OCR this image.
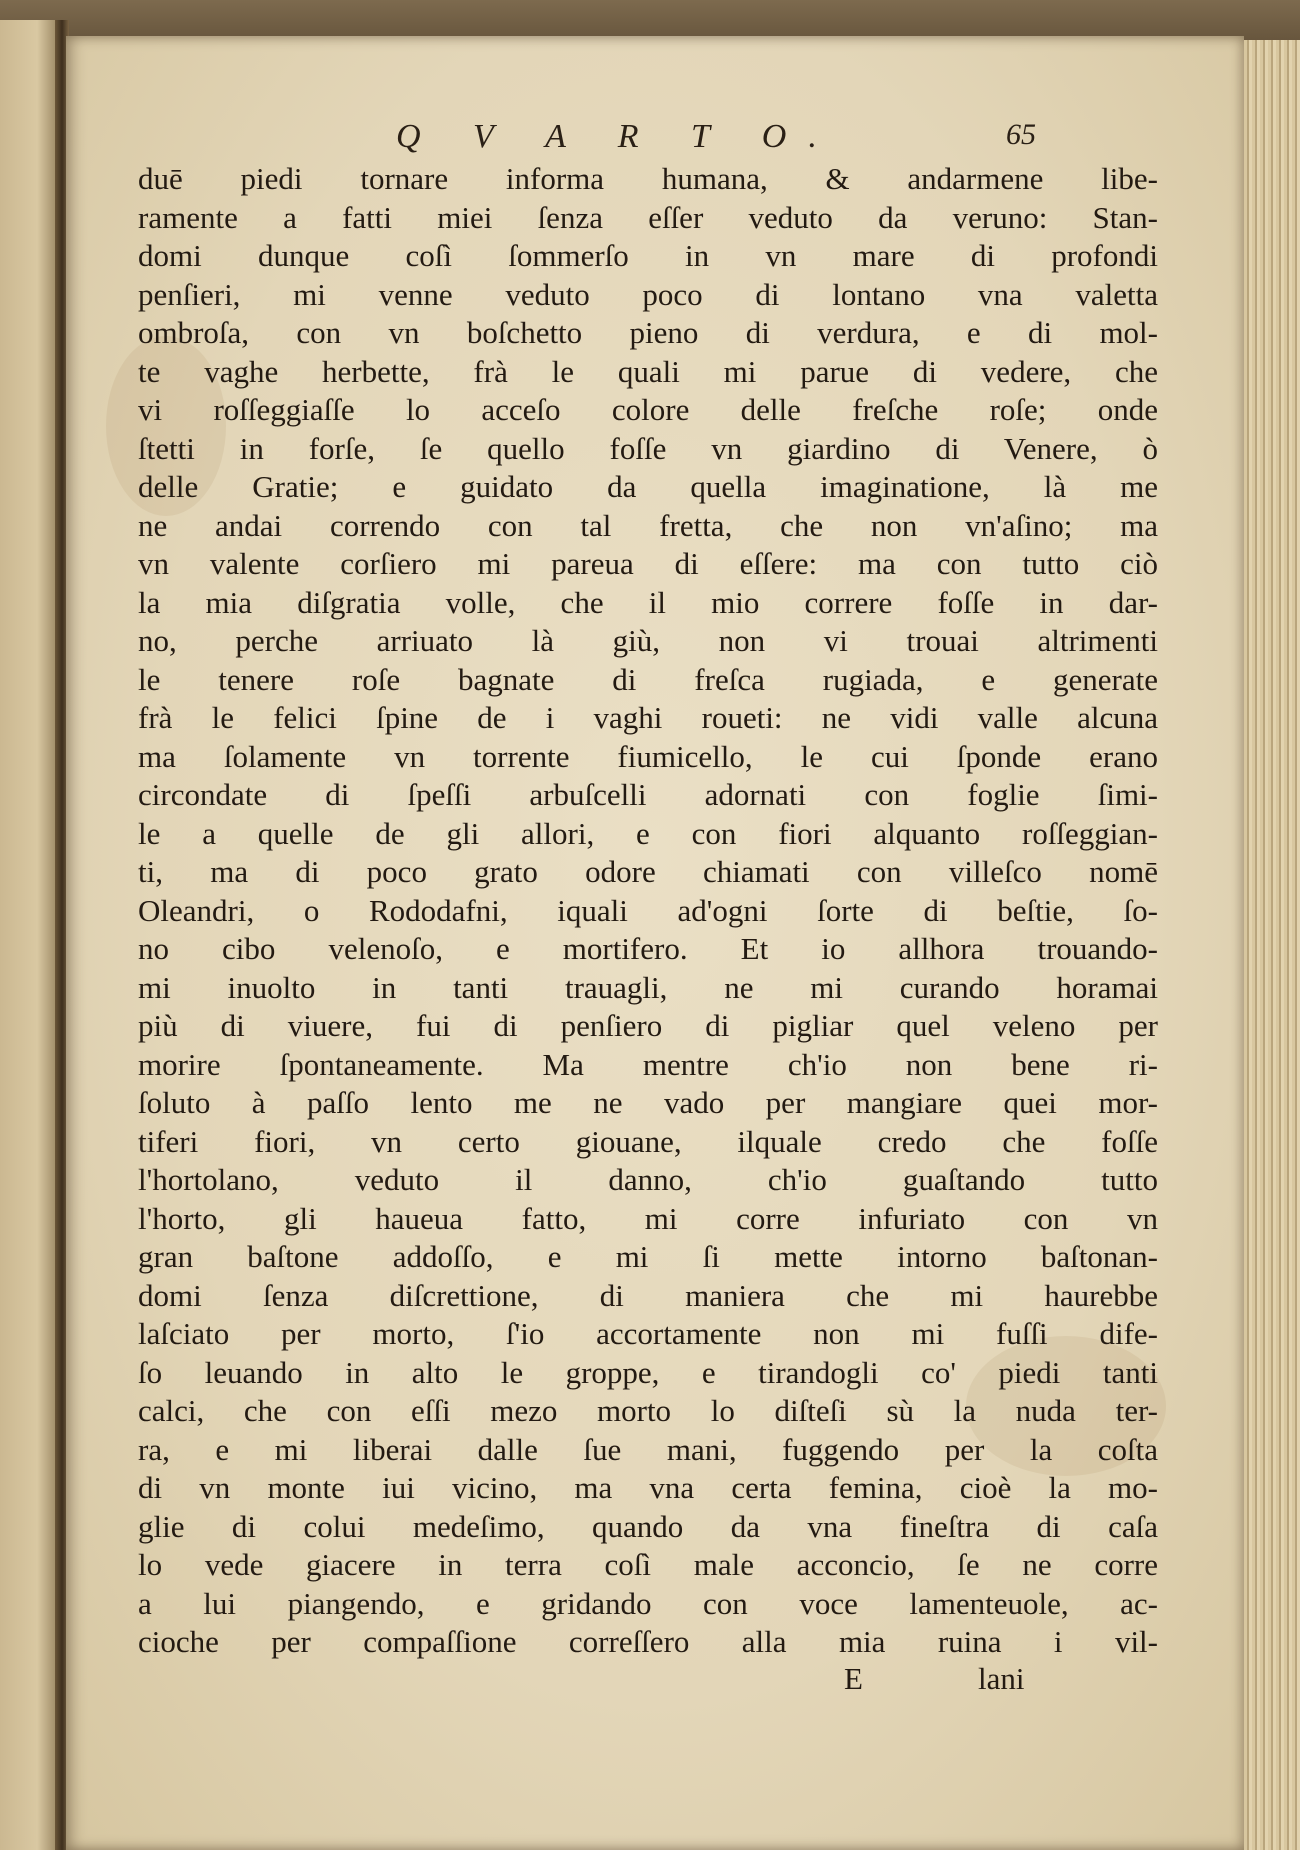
Q V A R T O.	65
duē piedi tornare informa humana, & andarmene libe-
ramente a fatti miei ſenza eſſer veduto da veruno: Stan-
domi dunque coſì ſommerſo in vn mare di profondi
penſieri, mi venne veduto poco di lontano vna valetta
ombroſa, con vn boſchetto pieno di verdura, e di mol-
te vaghe herbette, frà le quali mi parue di vedere, che
vi roſſeggiaſſe lo acceſo colore delle freſche roſe; onde
ſtetti in forſe, ſe quello foſſe vn giardino di Venere, ò
delle Gratie; e guidato da quella imaginatione, là me
ne andai correndo con tal fretta, che non vn'aſino; ma
vn valente corſiero mi pareua di eſſere: ma con tutto ciò
la mia diſgratia volle, che il mio correre foſſe in dar-
no, perche arriuato là giù, non vi trouai altrimenti
le tenere roſe bagnate di freſca rugiada, e generate
frà le felici ſpine de i vaghi roueti: ne vidi valle alcuna
ma ſolamente vn torrente fiumicello, le cui ſponde erano
circondate di ſpeſſi arbuſcelli adornati con foglie ſimi-
le a quelle de gli allori, e con fiori alquanto roſſeggian-
ti, ma di poco grato odore chiamati con villeſco nomē
Oleandri, o Rododafni, iquali ad'ogni ſorte di beſtie, ſo-
no cibo velenoſo, e mortifero. Et io allhora trouando-
mi inuolto in tanti trauagli, ne mi curando horamai
più di viuere, fui di penſiero di pigliar quel veleno per
morire ſpontaneamente. Ma mentre ch'io non bene ri-
ſoluto à paſſo lento me ne vado per mangiare quei mor-
tiferi fiori, vn certo giouane, ilquale credo che foſſe
l'hortolano, veduto il danno, ch'io guaſtando tutto
l'horto, gli haueua fatto, mi corre infuriato con vn
gran baſtone addoſſo, e mi ſi mette intorno baſtonan-
domi ſenza diſcrettione, di maniera che mi haurebbe
laſciato per morto, ſ'io accortamente non mi fuſſi dife-
ſo leuando in alto le groppe, e tirandogli co' piedi tanti
calci, che con eſſi mezo morto lo diſteſi sù la nuda ter-
ra, e mi liberai dalle ſue mani, fuggendo per la coſta
di vn monte iui vicino, ma vna certa femina, cioè la mo-
glie di colui medeſimo, quando da vna fineſtra di caſa
lo vede giacere in terra coſì male acconcio, ſe ne corre
a lui piangendo, e gridando con voce lamenteuole, ac-
cioche per compaſſione correſſero alla mia ruina i vil-
E	lani
